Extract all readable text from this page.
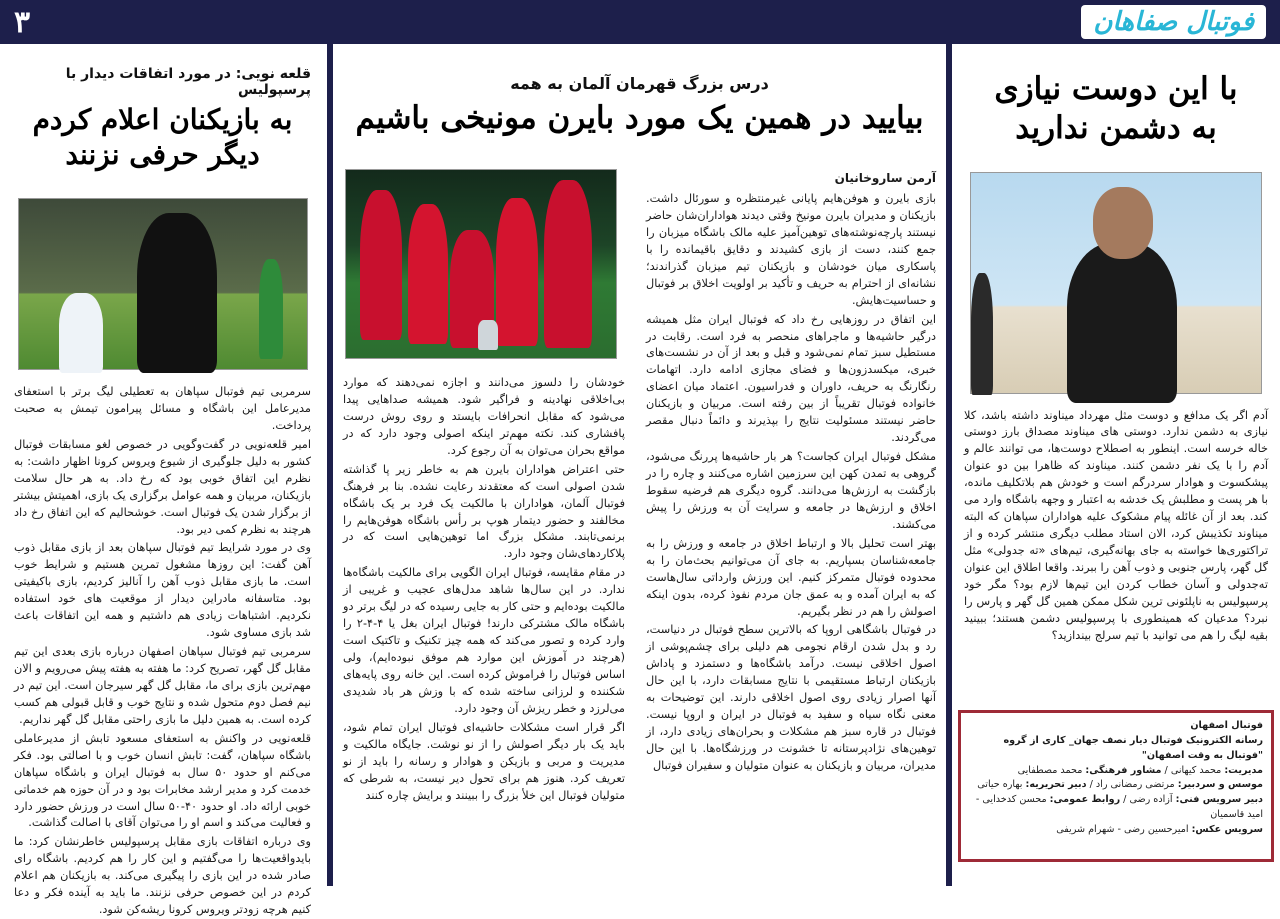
۳	فوتبال صفاهان
با این دوست نیازی
به دشمن ندارید

آدم اگر یک مدافع و دوست مثل مهرداد میناوند داشته باشد، کلا نیازی به دشمن ندارد. دوستی های میناوند مصداق بارز دوستی خاله خرسه است. اینطور به اصطلاح دوست‌ها، می توانند عالم و آدم را با یک نفر دشمن کنند. میناوند که ظاهرا بین دو عنوان پیشکسوت و هوادار سردرگم است و خودش هم بلاتکلیف مانده، با هر پست و مطلبش یک خدشه به اعتبار و وجهه باشگاه وارد می کند. بعد از آن غائله پیام مشکوک علیه هواداران سپاهان که البته میناوند تکذیبش کرد، الان استاد مطلب دیگری منتشر کرده و از تراکتوری‌ها خواسته به جای بهانه‌گیری، تیم‌های «ته جدولی» مثل گل گهر، پارس جنوبی و ذوب آهن را ببرند. واقعا اطلاق این عنوان ته‌جدولی و آسان خطاب کردن این تیم‌ها لازم بود؟ مگر خود پرسپولیس به ناپلئونی ترین شکل ممکن همین گل گهر و پارس را نبرد؟ مدعیان که همینطوری با پرسپولیس دشمن هستند؛ ببینید بقیه لیگ را هم می توانید با تیم سرلج بیندازید؟

فوتبال اصفهان
رسانه الکترونیک فوتبال دیار نصف جهان_ کاری از گروه "فوتبال به وقت اصفهان"
مدیریت: محمد کیهانی / مشاور فرهنگی: محمد مصطفایی
موسس و سردبیر: مرتضی رمضانی راد / دبیر تحریریه: بهاره حیاتی
دبیر سرویس فنی: آزاده رضی / روابط عمومی: محسن کدخدایی - امید قاسمیان
سرویس عکس: امیرحسین رضی - شهرام شریفی
درس بزرگ قهرمان آلمان به همه
بیایید در همین یک مورد بایرن مونیخی باشیم
آرمن ساروخانیان

بازی بایرن و هوفن‌هایم پایانی غیرمنتظره و سورئال داشت. بازیکنان و مدیران بایرن مونیخ وقتی دیدند هواداران‌شان حاضر نیستند پارچه‌نوشته‌های توهین‌آمیز علیه مالک باشگاه میزبان را جمع کنند، دست از بازی کشیدند و دقایق باقیمانده را با پاسکاری میان خودشان و بازیکنان تیم میزبان گذراندند؛ نشانه‌ای از احترام به حریف و تأکید بر اولویت اخلاق بر فوتبال و حساسیت‌هایش.

این اتفاق در روزهایی رخ داد که فوتبال ایران مثل همیشه درگیر حاشیه‌ها و ماجراهای منحصر به فرد است. رقابت در مستطیل سبز تمام نمی‌شود و قبل و بعد از آن در نشست‌های خبری، میکسدزون‌ها و فضای مجازی ادامه دارد. اتهامات رنگارنگ به حریف، داوران و فدراسیون. اعتماد میان اعضای خانواده فوتبال تقریباً از بین رفته است. مربیان و بازیکنان حاضر نیستند مسئولیت نتایج را بپذیرند و دائماً دنبال مقصر می‌گردند.

مشکل فوتبال ایران کجاست؟ هر بار حاشیه‌ها پررنگ می‌شود، گروهی به تمدن کهن این سرزمین اشاره می‌کنند و چاره را در بازگشت به ارزش‌ها می‌دانند. گروه دیگری هم فرضیه سقوط اخلاق و ارزش‌ها در جامعه و سرایت آن به ورزش را پیش می‌کشند.

بهتر است تحلیل بالا و ارتباط اخلاق در جامعه و ورزش را به جامعه‌شناسان بسپاریم. به جای آن می‌توانیم بحث‌مان را به محدوده فوتبال متمرکز کنیم. این ورزش وارداتی سال‌هاست که به ایران آمده و به عمق جان مردم نفوذ کرده، بدون اینکه اصولش را هم در نظر بگیریم.

در فوتبال باشگاهی اروپا که بالاترین سطح فوتبال در دنیاست، رد و بدل شدن ارقام نجومی هم دلیلی برای چشم‌پوشی از اصول اخلاقی نیست. درآمد باشگاه‌ها و دستمزد و پاداش بازیکنان ارتباط مستقیمی با نتایج مسابقات دارد، با این حال آنها اصرار زیادی روی اصول اخلاقی دارند. این توضیحات به معنی نگاه سیاه و سفید به فوتبال در ایران و اروپا نیست. فوتبال در قاره سبز هم مشکلات و بحران‌های زیادی دارد، از توهین‌های نژادپرستانه تا خشونت در ورزشگاه‌ها. با این حال مدیران، مربیان و بازیکنان به عنوان متولیان و سفیران فوتبال

خودشان را دلسوز می‌دانند و اجازه نمی‌دهند که موارد بی‌اخلاقی نهادینه و فراگیر شود. همیشه صداهایی پیدا می‌شود که مقابل انحرافات بایستد و روی روش درست پافشاری کند. نکته مهم‌تر اینکه اصولی وجود دارد که در مواقع بحران می‌توان به آن رجوع کرد.

حتی اعتراض هواداران بایرن هم به خاطر زیر پا گذاشته شدن اصولی است که معتقدند رعایت نشده. بنا بر فرهنگ فوتبال آلمان، هواداران با مالکیت یک فرد بر یک باشگاه مخالفند و حضور دیتمار هوپ بر رأس باشگاه هوفن‌هایم را برنمی‌تابند. مشکل بزرگ اما توهین‌هایی است که در پلاکاردهای‌شان وجود دارد.

در مقام مقایسه، فوتبال ایران الگویی برای مالکیت باشگاه‌ها ندارد. در این سال‌ها شاهد مدل‌های عجیب و غریبی از مالکیت بوده‌ایم و حتی کار به جایی رسیده که در لیگ برتر دو باشگاه مالک مشترکی دارند! فوتبال ایران بغل یا ۴-۴-۲ را وارد کرده و تصور می‌کند که همه چیز تکنیک و تاکتیک است (هرچند در آموزش این موارد هم موفق نبوده‌ایم)، ولی اساس فوتبال را فراموش کرده است. این خانه روی پایه‌های شکننده و لرزانی ساخته شده که با وزش هر باد شدیدی می‌لرزد و خطر ریزش آن وجود دارد.

اگر قرار است مشکلات حاشیه‌ای فوتبال ایران تمام شود، باید یک بار دیگر اصولش را از نو نوشت. جایگاه مالکیت و مدیریت و مربی و بازیکن و هوادار و رسانه را باید از نو تعریف کرد. هنوز هم برای تحول دیر نیست، به شرطی که متولیان فوتبال این خلأ بزرگ را ببینند و برایش چاره کنند

قلعه نویی: در مورد اتفاقات دیدار با پرسپولیس
به بازیکنان اعلام کردم
دیگر حرفی نزنند

سرمربی تیم فوتبال سپاهان به تعطیلی لیگ برتر با استعفای مدیرعامل این باشگاه و مسائل پیرامون تیمش به صحبت پرداخت.

امیر قلعه‌نویی در گفت‌وگویی در خصوص لغو مسابقات فوتبال کشور به دلیل جلوگیری از شیوع ویروس کرونا اظهار داشت: به نظرم این اتفاق خوبی بود که رخ داد. به هر حال سلامت بازیکنان، مربیان و همه عوامل برگزاری یک بازی، اهمیتش بیشتر از برگزار شدن یک فوتبال است. خوشحالیم که این اتفاق رخ داد هرچند به نظرم کمی دیر بود.

وی در مورد شرایط تیم فوتبال سپاهان بعد از بازی مقابل ذوب آهن گفت: این روزها مشغول تمرین هستیم و شرایط خوب است. ما بازی مقابل ذوب آهن را آنالیز کردیم، بازی باکیفیتی بود. متاسفانه مادراین دیدار از موقعیت های خود استفاده نکردیم. اشتباهات زیادی هم داشتیم و همه این اتفاقات باعث شد بازی مساوی شود.

سرمربی تیم فوتبال سپاهان اصفهان درباره بازی بعدی این تیم مقابل گل گهر، تصریح کرد: ما هفته به هفته پیش می‌رویم و الان مهم‌ترین بازی برای ما، مقابل گل گهر سیرجان است. این تیم در نیم فصل دوم متحول شده و نتایج خوب و قابل قبولی هم کسب کرده است. به همین دلیل ما بازی راحتی مقابل گل گهر نداریم.

قلعه‌نویی در واکنش به استعفای مسعود تابش از مدیرعاملی باشگاه سپاهان، گفت: تابش انسان خوب و با اصالتی بود. فکر می‌کنم او حدود ۵۰ سال به فوتبال ایران و باشگاه سپاهان خدمت کرد و مدیر ارشد مخابرات بود و در آن حوزه هم خدماتی خوبی ارائه داد. او حدود ۴۰-۵۰ سال است در ورزش حضور دارد و فعالیت می‌کند و اسم او را می‌توان آقای با اصالت گذاشت.

وی درباره اتفاقات بازی مقابل پرسپولیس خاطرنشان کرد: ما بایدواقعیت‌ها را می‌گفتیم و این کار را هم کردیم. باشگاه رای صادر شده در این بازی را پیگیری می‌کند. به بازیکنان هم اعلام کردم در این خصوص حرفی نزنند. ما باید به آینده فکر و دعا کنیم هرچه زودتر ویروس کرونا ریشه‌کن شود.
